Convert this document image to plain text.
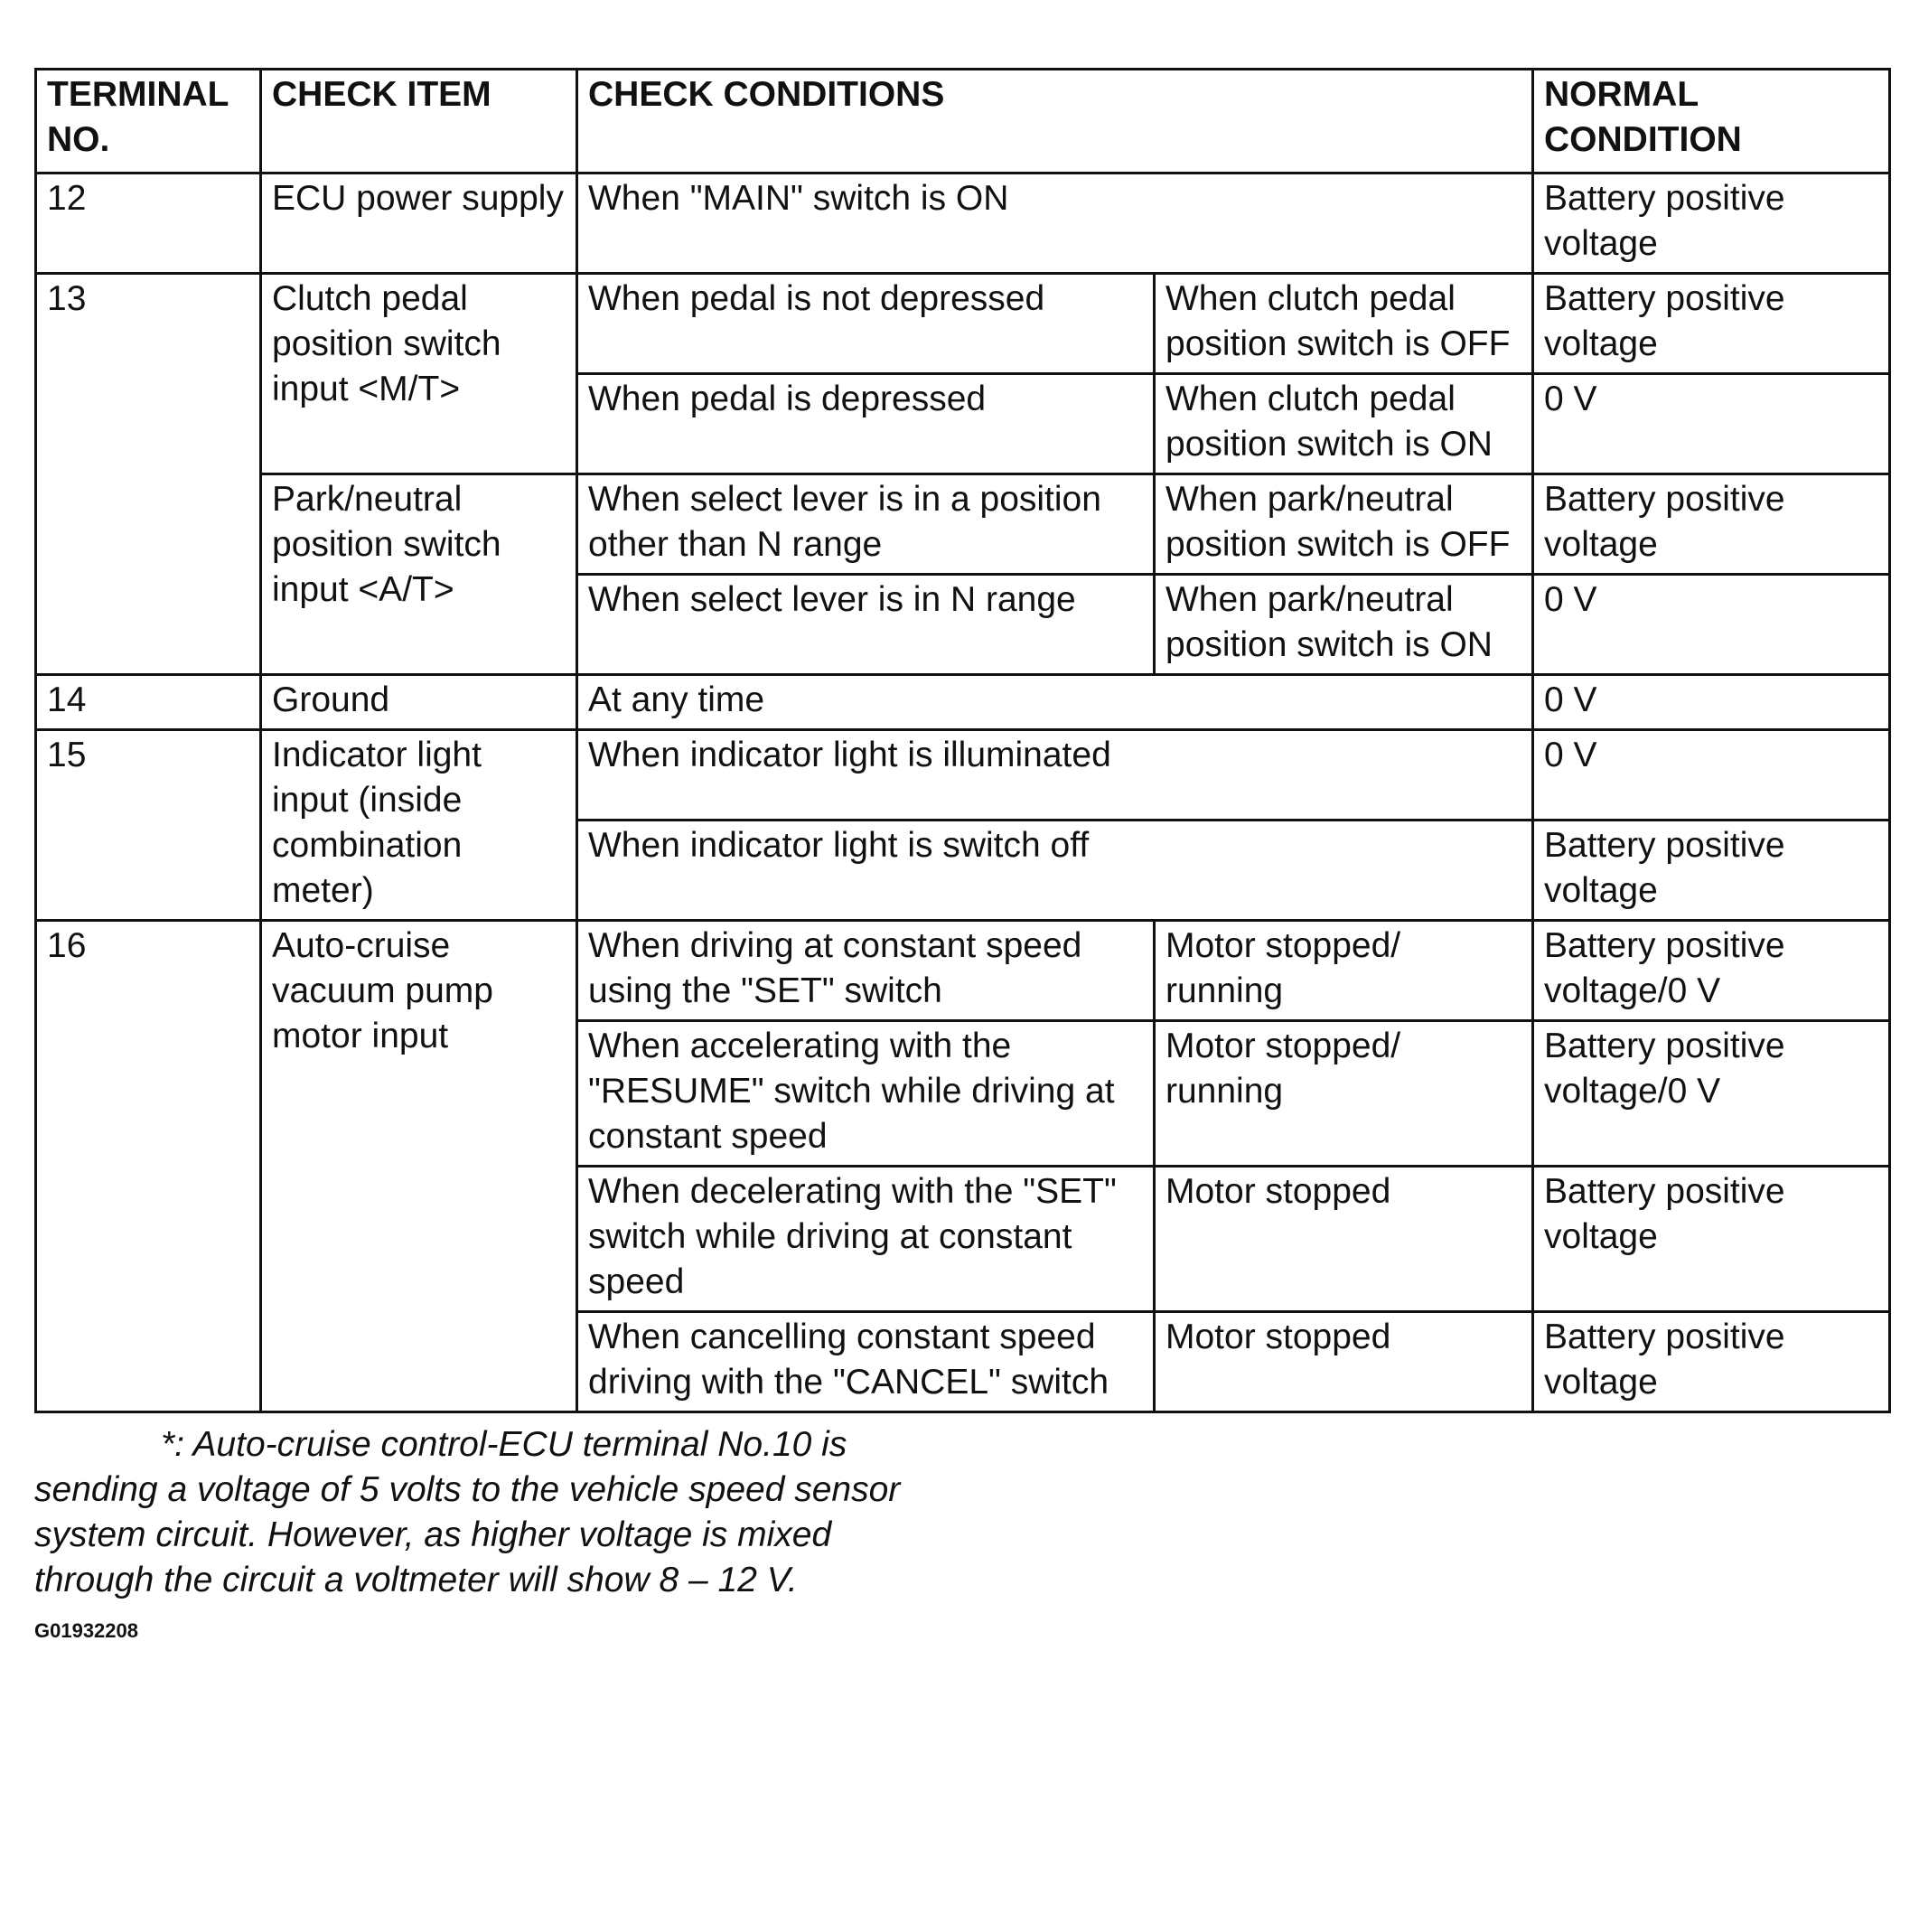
TERMINAL NO.	CHECK ITEM	CHECK CONDITIONS		NORMAL CONDITION
12	ECU power supply	When "MAIN" switch is ON		Battery positive voltage
13	Clutch pedal position switch input <M/T>	When pedal is not depressed	When clutch pedal position switch is OFF	Battery positive voltage
		When pedal is depressed	When clutch pedal position switch is ON	0 V
	Park/neutral position switch input <A/T>	When select lever is in a position other than N range	When park/neutral position switch is OFF	Battery positive voltage
		When select lever is in N range	When park/neutral position switch is ON	0 V
14	Ground	At any time		0 V
15	Indicator light input (inside combination meter)	When indicator light is illuminated		0 V
		When indicator light is switch off		Battery positive voltage
16	Auto-cruise vacuum pump motor input	When driving at constant speed using the "SET" switch	Motor stopped/ running	Battery positive voltage/0 V
		When accelerating with the "RESUME" switch while driving at constant speed	Motor stopped/ running	Battery positive voltage/0 V
		When decelerating with the "SET" switch while driving at constant speed	Motor stopped	Battery positive voltage
		When cancelling constant speed driving with the "CANCEL" switch	Motor stopped	Battery positive voltage
*: Auto-cruise control-ECU terminal No.10 is sending a voltage of 5 volts to the vehicle speed sensor system circuit. However, as higher voltage is mixed through the circuit a voltmeter will show 8 – 12 V.
G01932208
